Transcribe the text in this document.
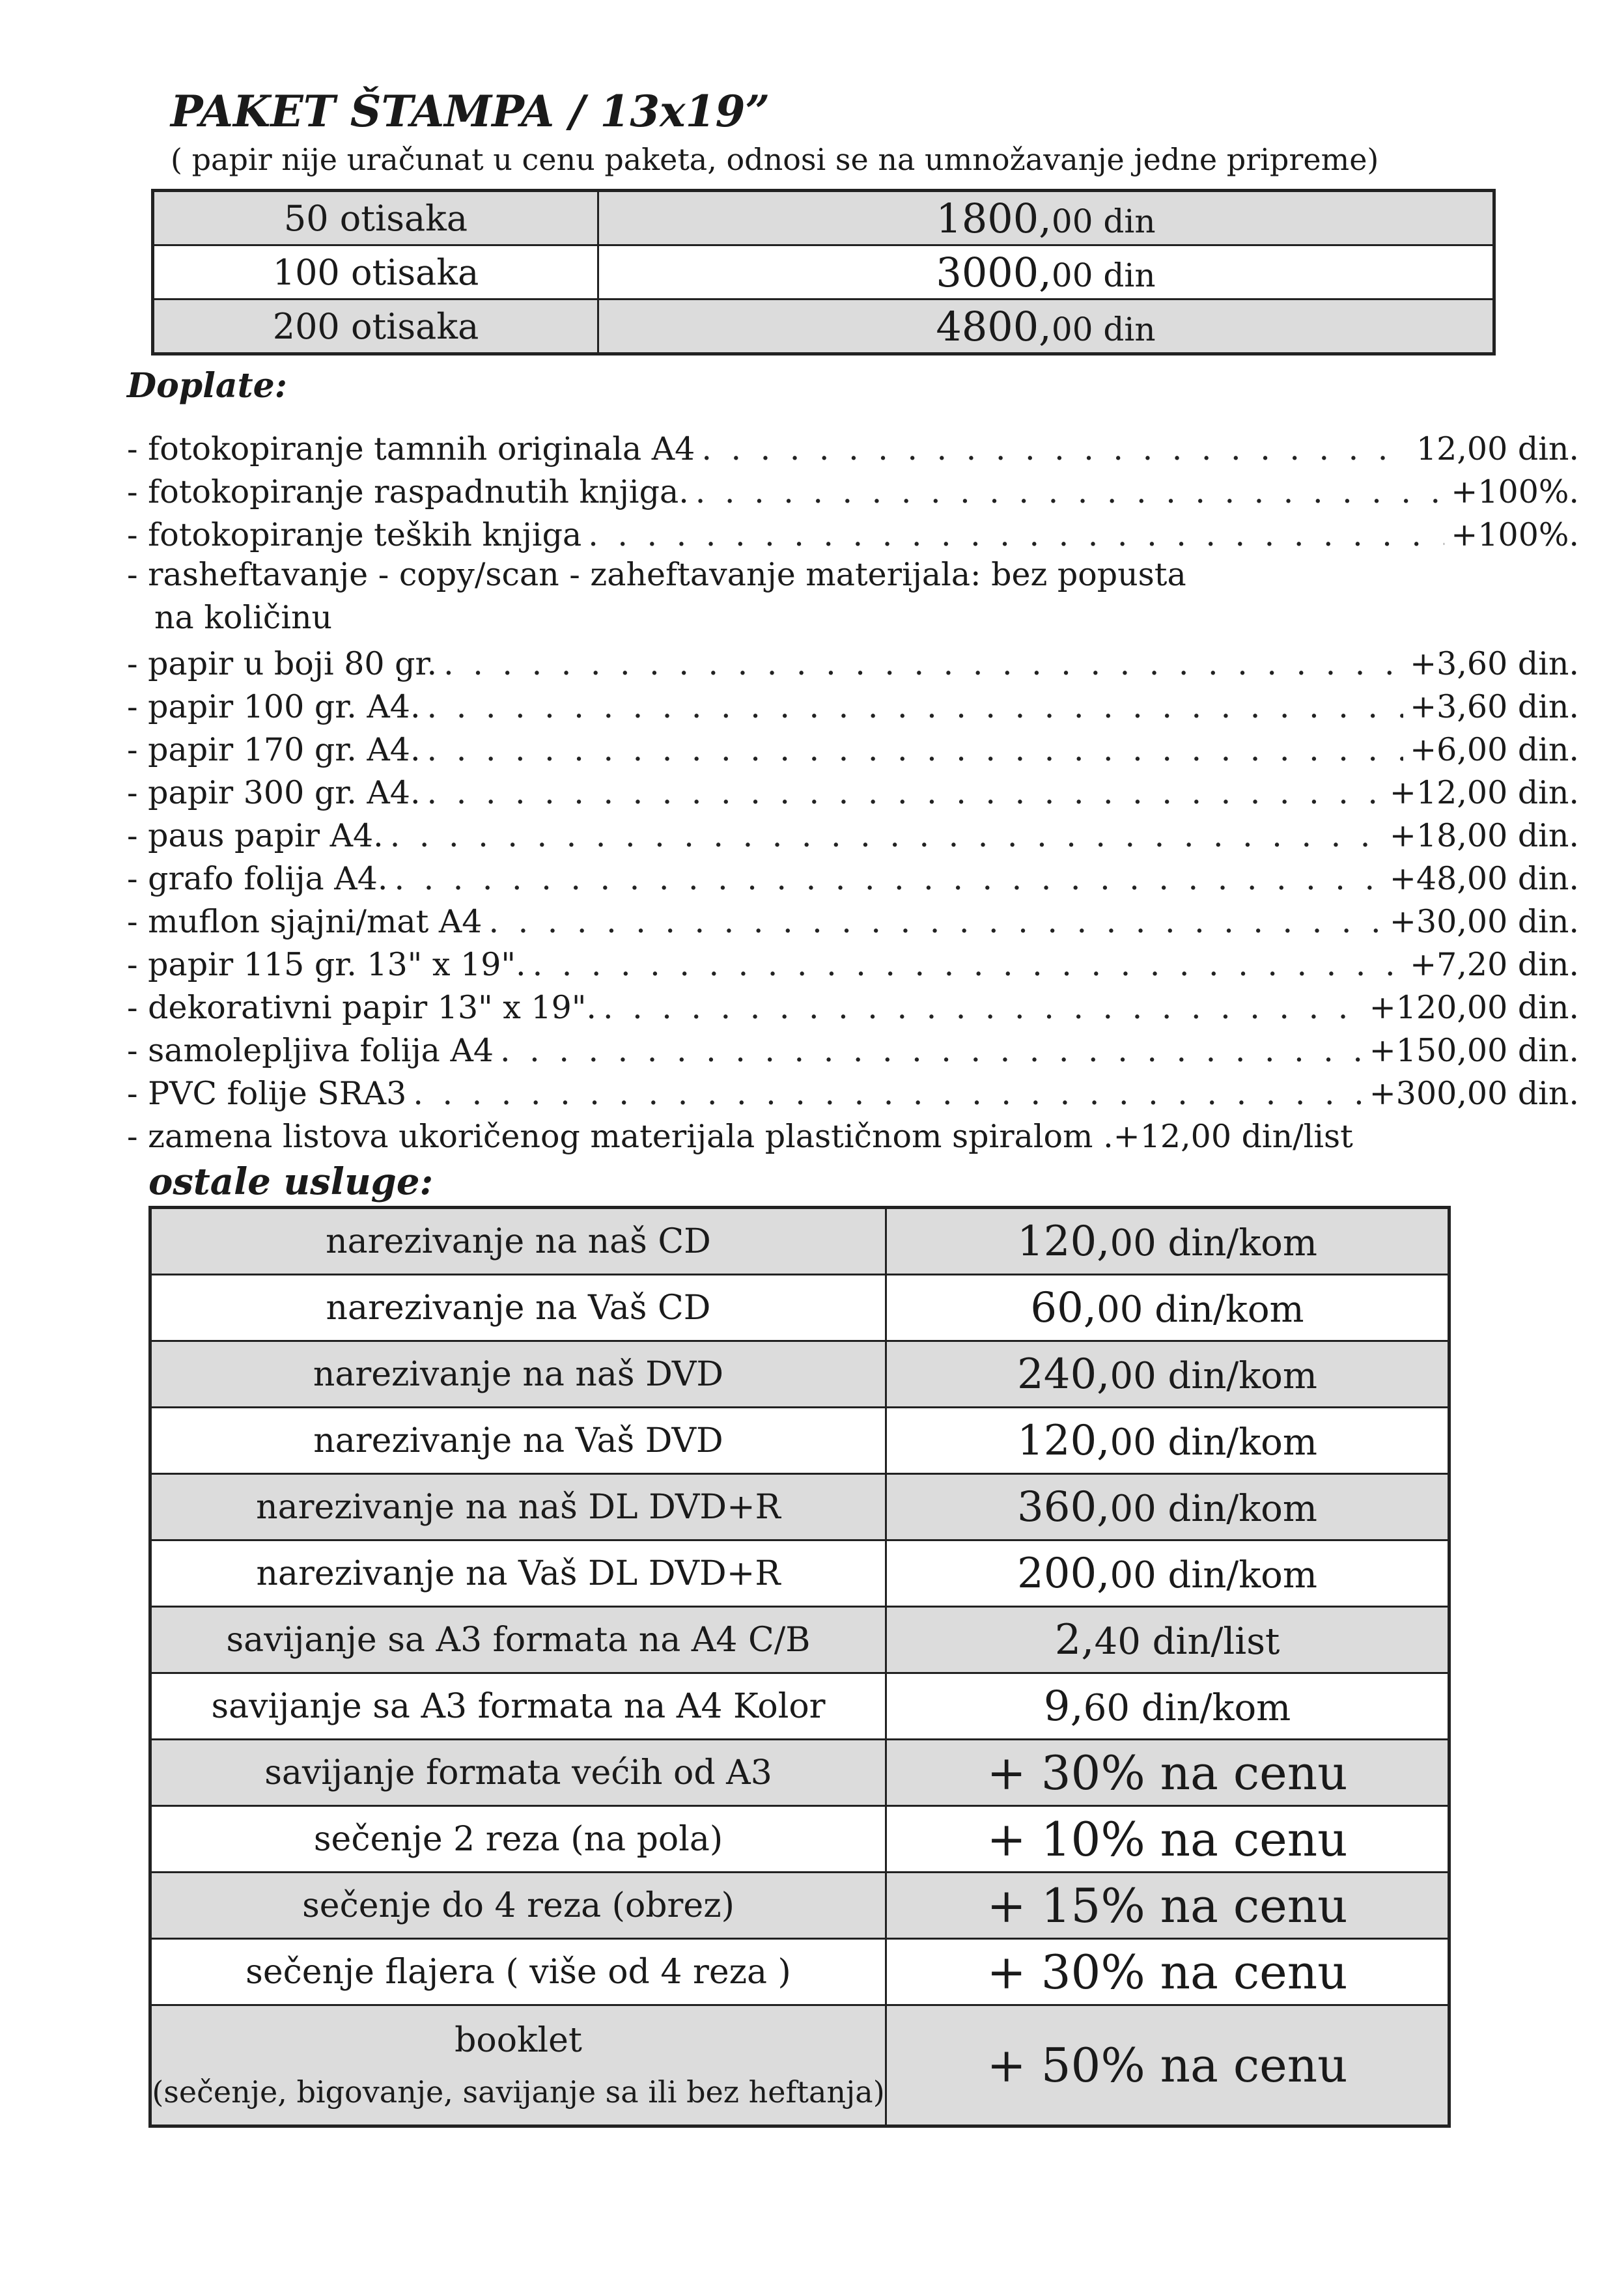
PAKET ŠTAMPA / 13x19”
( papir nije uračunat u cenu paketa, odnosi se na umnožavanje jedne pripreme)
50 otisaka	1800,00 din
100 otisaka	3000,00 din
200 otisaka	4800,00 din
Doplate:
- fotokopiranje tamnih originala A4 . . .	12,00 din.
- fotokopiranje raspadnutih knjiga. . . .	+100%.
- fotokopiranje teških knjiga . . .	+100%.
- rasheftavanje - copy/scan - zaheftavanje materijala: bez popusta
na količinu
- papir u boji 80 gr. . . .	+3,60 din.
- papir 100 gr. A4. . . .	+3,60 din.
- papir 170 gr. A4. . . .	+6,00 din.
- papir 300 gr. A4. . . .	+12,00 din.
- paus papir A4. . . .	+18,00 din.
- grafo folija A4. . . .	+48,00 din.
- muflon sjajni/mat A4 . . .	+30,00 din.
- papir 115 gr. 13" x 19". . . .	+7,20 din.
- dekorativni papir 13" x 19". . . .	+120,00 din.
- samolepljiva folija A4 . . .	+150,00 din.
- PVC folije SRA3 . . .	+300,00 din.
- zamena listova ukoričenog materijala plastičnom spiralom . +12,00 din/list
ostale usluge:
narezivanje na naš CD	120,00 din/kom
narezivanje na Vaš CD	60,00 din/kom
narezivanje na naš DVD	240,00 din/kom
narezivanje na Vaš DVD	120,00 din/kom
narezivanje na naš DL DVD+R	360,00 din/kom
narezivanje na Vaš DL DVD+R	200,00 din/kom
savijanje sa A3 formata na A4 C/B	2,40 din/list
savijanje sa A3 formata na A4 Kolor	9,60 din/kom
savijanje formata većih od A3	+ 30% na cenu
sečenje 2 reza (na pola)	+ 10% na cenu
sečenje do 4 reza (obrez)	+ 15% na cenu
sečenje flajera ( više od 4 reza )	+ 30% na cenu
booklet
(sečenje, bigovanje, savijanje sa ili bez heftanja)	+ 50% na cenu
